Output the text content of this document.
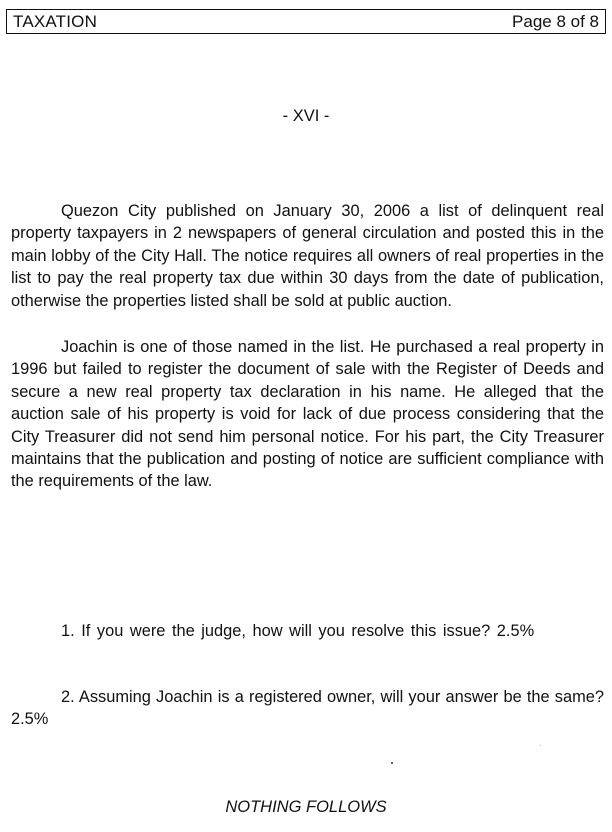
TAXATION	Page 8 of 8
- XVI -

Quezon City published on January 30, 2006 a list of delinquent real property taxpayers in 2 newspapers of general circulation and posted this in the main lobby of the City Hall. The notice requires all owners of real properties in the list to pay the real property tax due within 30 days from the date of publication, otherwise the properties listed shall be sold at public auction.

Joachin is one of those named in the list. He purchased a real property in 1996 but failed to register the document of sale with the Register of Deeds and secure a new real property tax declaration in his name. He alleged that the auction sale of his property is void for lack of due process considering that the City Treasurer did not send him personal notice. For his part, the City Treasurer maintains that the publication and posting of notice are sufficient compliance with the requirements of the law.

1. If you were the judge, how will you resolve this issue? 2.5%

2. Assuming Joachin is a registered owner, will your answer be the same? 2.5%

NOTHING FOLLOWS
